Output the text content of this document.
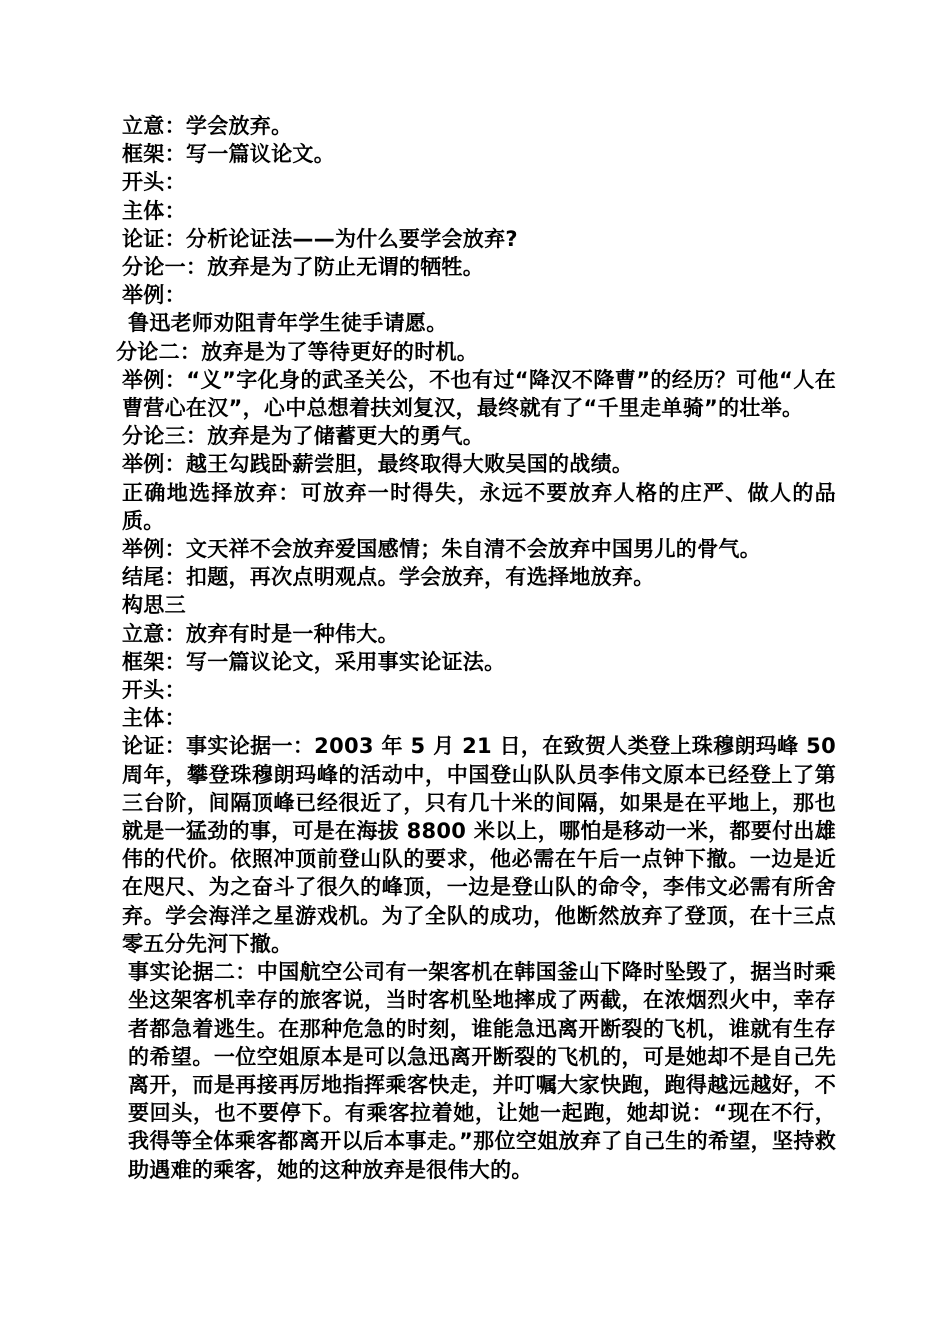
立意：学会放弃。

框架：写一篇议论文。

开头：

主体：

论证：分析论证法——为什么要学会放弃?

分论一：放弃是为了防止无谓的牺牲。

举例：

鲁迅老师劝阻青年学生徒手请愿。

分论二：放弃是为了等待更好的时机。

举例：“义”字化身的武圣关公，不也有过“降汉不降曹”的经历？可他“人在曹营心在汉”，心中总想着扶刘复汉，最终就有了“千里走单骑”的壮举。

分论三：放弃是为了储蓄更大的勇气。

举例：越王勾践卧薪尝胆，最终取得大败吴国的战绩。

正确地选择放弃：可放弃一时得失，永远不要放弃人格的庄严、做人的品质。

举例：文天祥不会放弃爱国感情；朱自清不会放弃中国男儿的骨气。

结尾：扣题，再次点明观点。学会放弃，有选择地放弃。

构思三

立意：放弃有时是一种伟大。

框架：写一篇议论文，采用事实论证法。

开头：

主体：

论证：事实论据一：2003 年 5 月 21 日，在致贺人类登上珠穆朗玛峰 50 周年，攀登珠穆朗玛峰的活动中，中国登山队队员李伟文原本已经登上了第三台阶，间隔顶峰已经很近了，只有几十米的间隔，如果是在平地上，那也就是一猛劲的事，可是在海拔 8800 米以上，哪怕是移动一米，都要付出雄伟的代价。依照冲顶前登山队的要求，他必需在午后一点钟下撤。一边是近在咫尺、为之奋斗了很久的峰顶，一边是登山队的命令，李伟文必需有所舍弃。学会海洋之星游戏机。为了全队的成功，他断然放弃了登顶，在十三点零五分先河下撤。

事实论据二：中国航空公司有一架客机在韩国釜山下降时坠毁了，据当时乘坐这架客机幸存的旅客说，当时客机坠地摔成了两截，在浓烟烈火中，幸存者都急着逃生。在那种危急的时刻，谁能急迅离开断裂的飞机，谁就有生存的希望。一位空姐原本是可以急迅离开断裂的飞机的，可是她却不是自己先离开，而是再接再厉地指挥乘客快走，并叮嘱大家快跑，跑得越远越好，不要回头，也不要停下。有乘客拉着她，让她一起跑，她却说：“现在不行，我得等全体乘客都离开以后本事走。”那位空姐放弃了自己生的希望，坚持救助遇难的乘客，她的这种放弃是很伟大的。
